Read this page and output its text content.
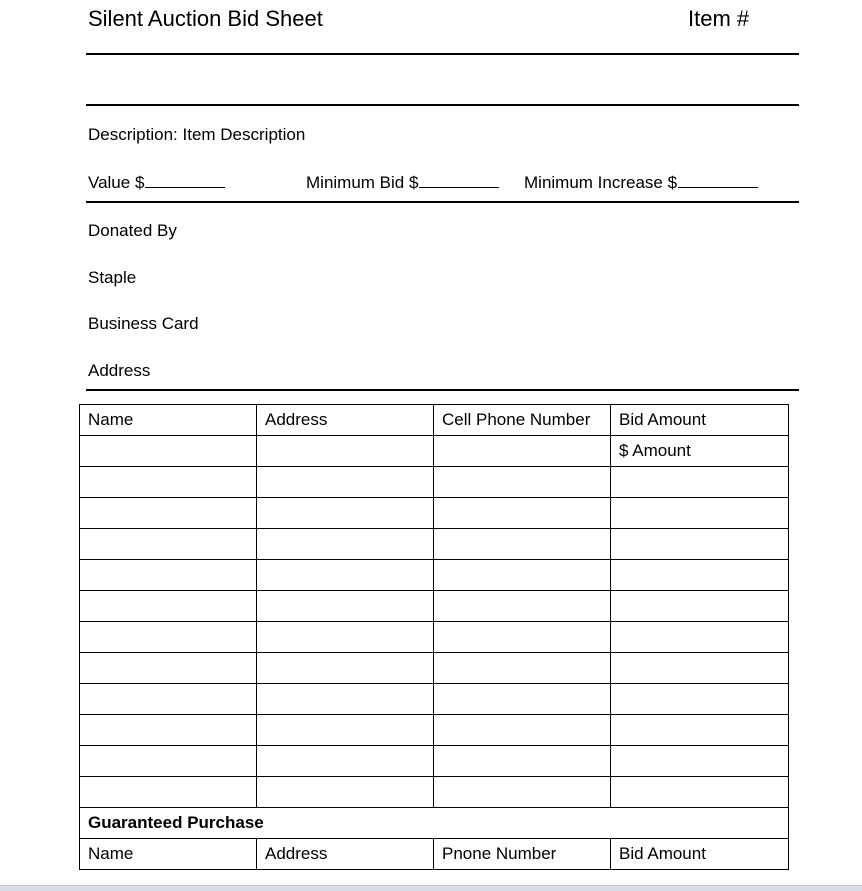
Silent Auction Bid Sheet	Item #
Description: Item Description
Value $	Minimum Bid $	Minimum Increase $
Donated By
Staple
Business Card
Address
Name	Address	Cell Phone Number	Bid Amount
			$ Amount

Guaranteed Purchase			
Name	Address	Pnone Number	Bid Amount
